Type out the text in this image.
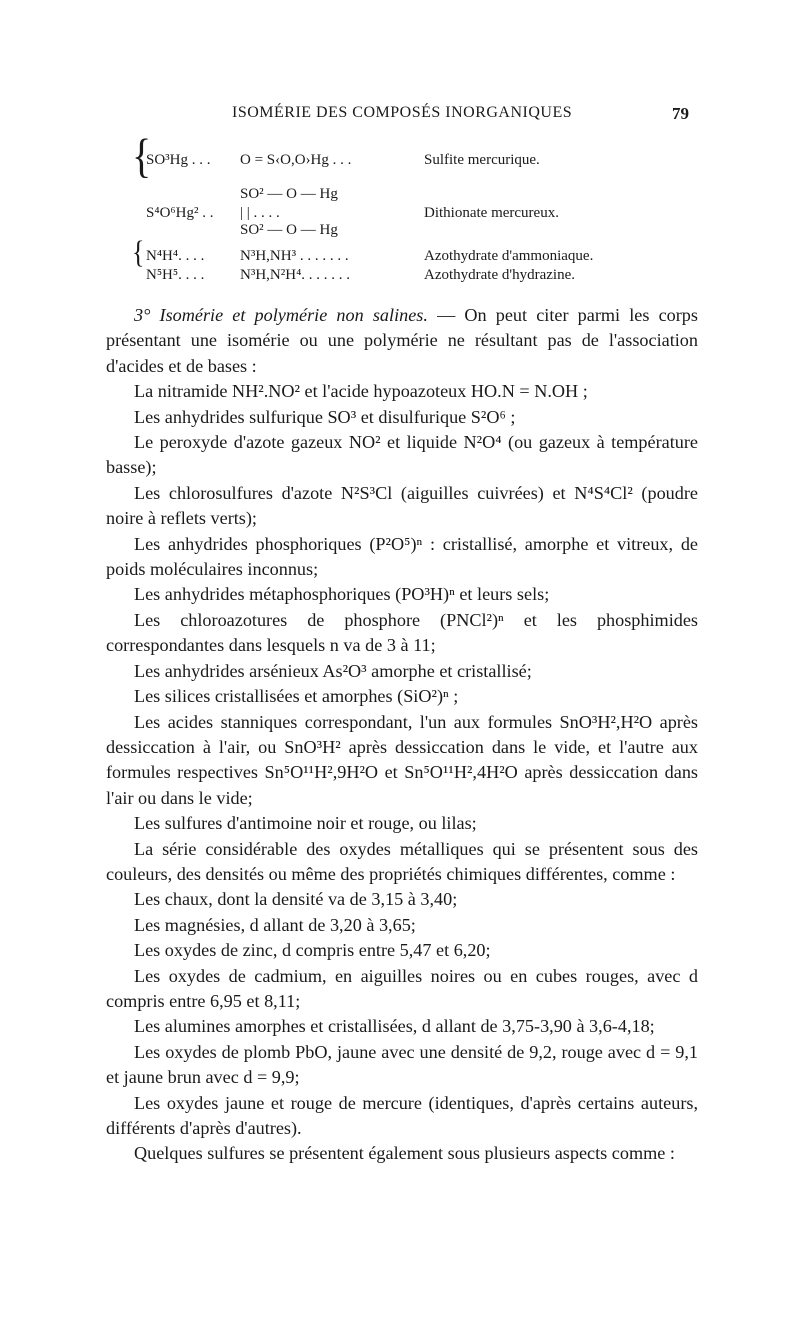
ISOMÉRIE DES COMPOSÉS INORGANIQUES	79
{
{
SO³Hg . . . O = S‹O,O›Hg . . .	Sulfite mercurique.
SO² — O — Hg
S⁴O⁶Hg² . . | | . . . .	Dithionate mercureux.
SO² — O — Hg
N⁴H⁴. . . . N³H,NH³ . . . . . . .	Azothydrate d'ammoniaque.
N⁵H⁵. . . . N³H,N²H⁴. . . . . . .	Azothydrate d'hydrazine.

3° Isomérie et polymérie non salines. — On peut citer parmi les corps présentant une isomérie ou une polymérie ne résultant pas de l'association d'acides et de bases :

La nitramide NH².NO² et l'acide hypoazoteux HO.N = N.OH ;

Les anhydrides sulfurique SO³ et disulfurique S²O⁶ ;

Le peroxyde d'azote gazeux NO² et liquide N²O⁴ (ou gazeux à température basse);

Les chlorosulfures d'azote N²S³Cl (aiguilles cuivrées) et N⁴S⁴Cl² (poudre noire à reflets verts);

Les anhydrides phosphoriques (P²O⁵)ⁿ : cristallisé, amorphe et vitreux, de poids moléculaires inconnus;

Les anhydrides métaphosphoriques (PO³H)ⁿ et leurs sels;

Les chloroazotures de phosphore (PNCl²)ⁿ et les phosphimides correspondantes dans lesquels n va de 3 à 11;

Les anhydrides arsénieux As²O³ amorphe et cristallisé;

Les silices cristallisées et amorphes (SiO²)ⁿ ;

Les acides stanniques correspondant, l'un aux formules SnO³H²,H²O après dessiccation à l'air, ou SnO³H² après dessiccation dans le vide, et l'autre aux formules respectives Sn⁵O¹¹H²,9H²O et Sn⁵O¹¹H²,4H²O après dessiccation dans l'air ou dans le vide;

Les sulfures d'antimoine noir et rouge, ou lilas;

La série considérable des oxydes métalliques qui se présentent sous des couleurs, des densités ou même des propriétés chimiques différentes, comme :

Les chaux, dont la densité va de 3,15 à 3,40;

Les magnésies, d allant de 3,20 à 3,65;

Les oxydes de zinc, d compris entre 5,47 et 6,20;

Les oxydes de cadmium, en aiguilles noires ou en cubes rouges, avec d compris entre 6,95 et 8,11;

Les alumines amorphes et cristallisées, d allant de 3,75-3,90 à 3,6-4,18;

Les oxydes de plomb PbO, jaune avec une densité de 9,2, rouge avec d = 9,1 et jaune brun avec d = 9,9;

Les oxydes jaune et rouge de mercure (identiques, d'après certains auteurs, différents d'après d'autres).

Quelques sulfures se présentent également sous plusieurs aspects comme :
